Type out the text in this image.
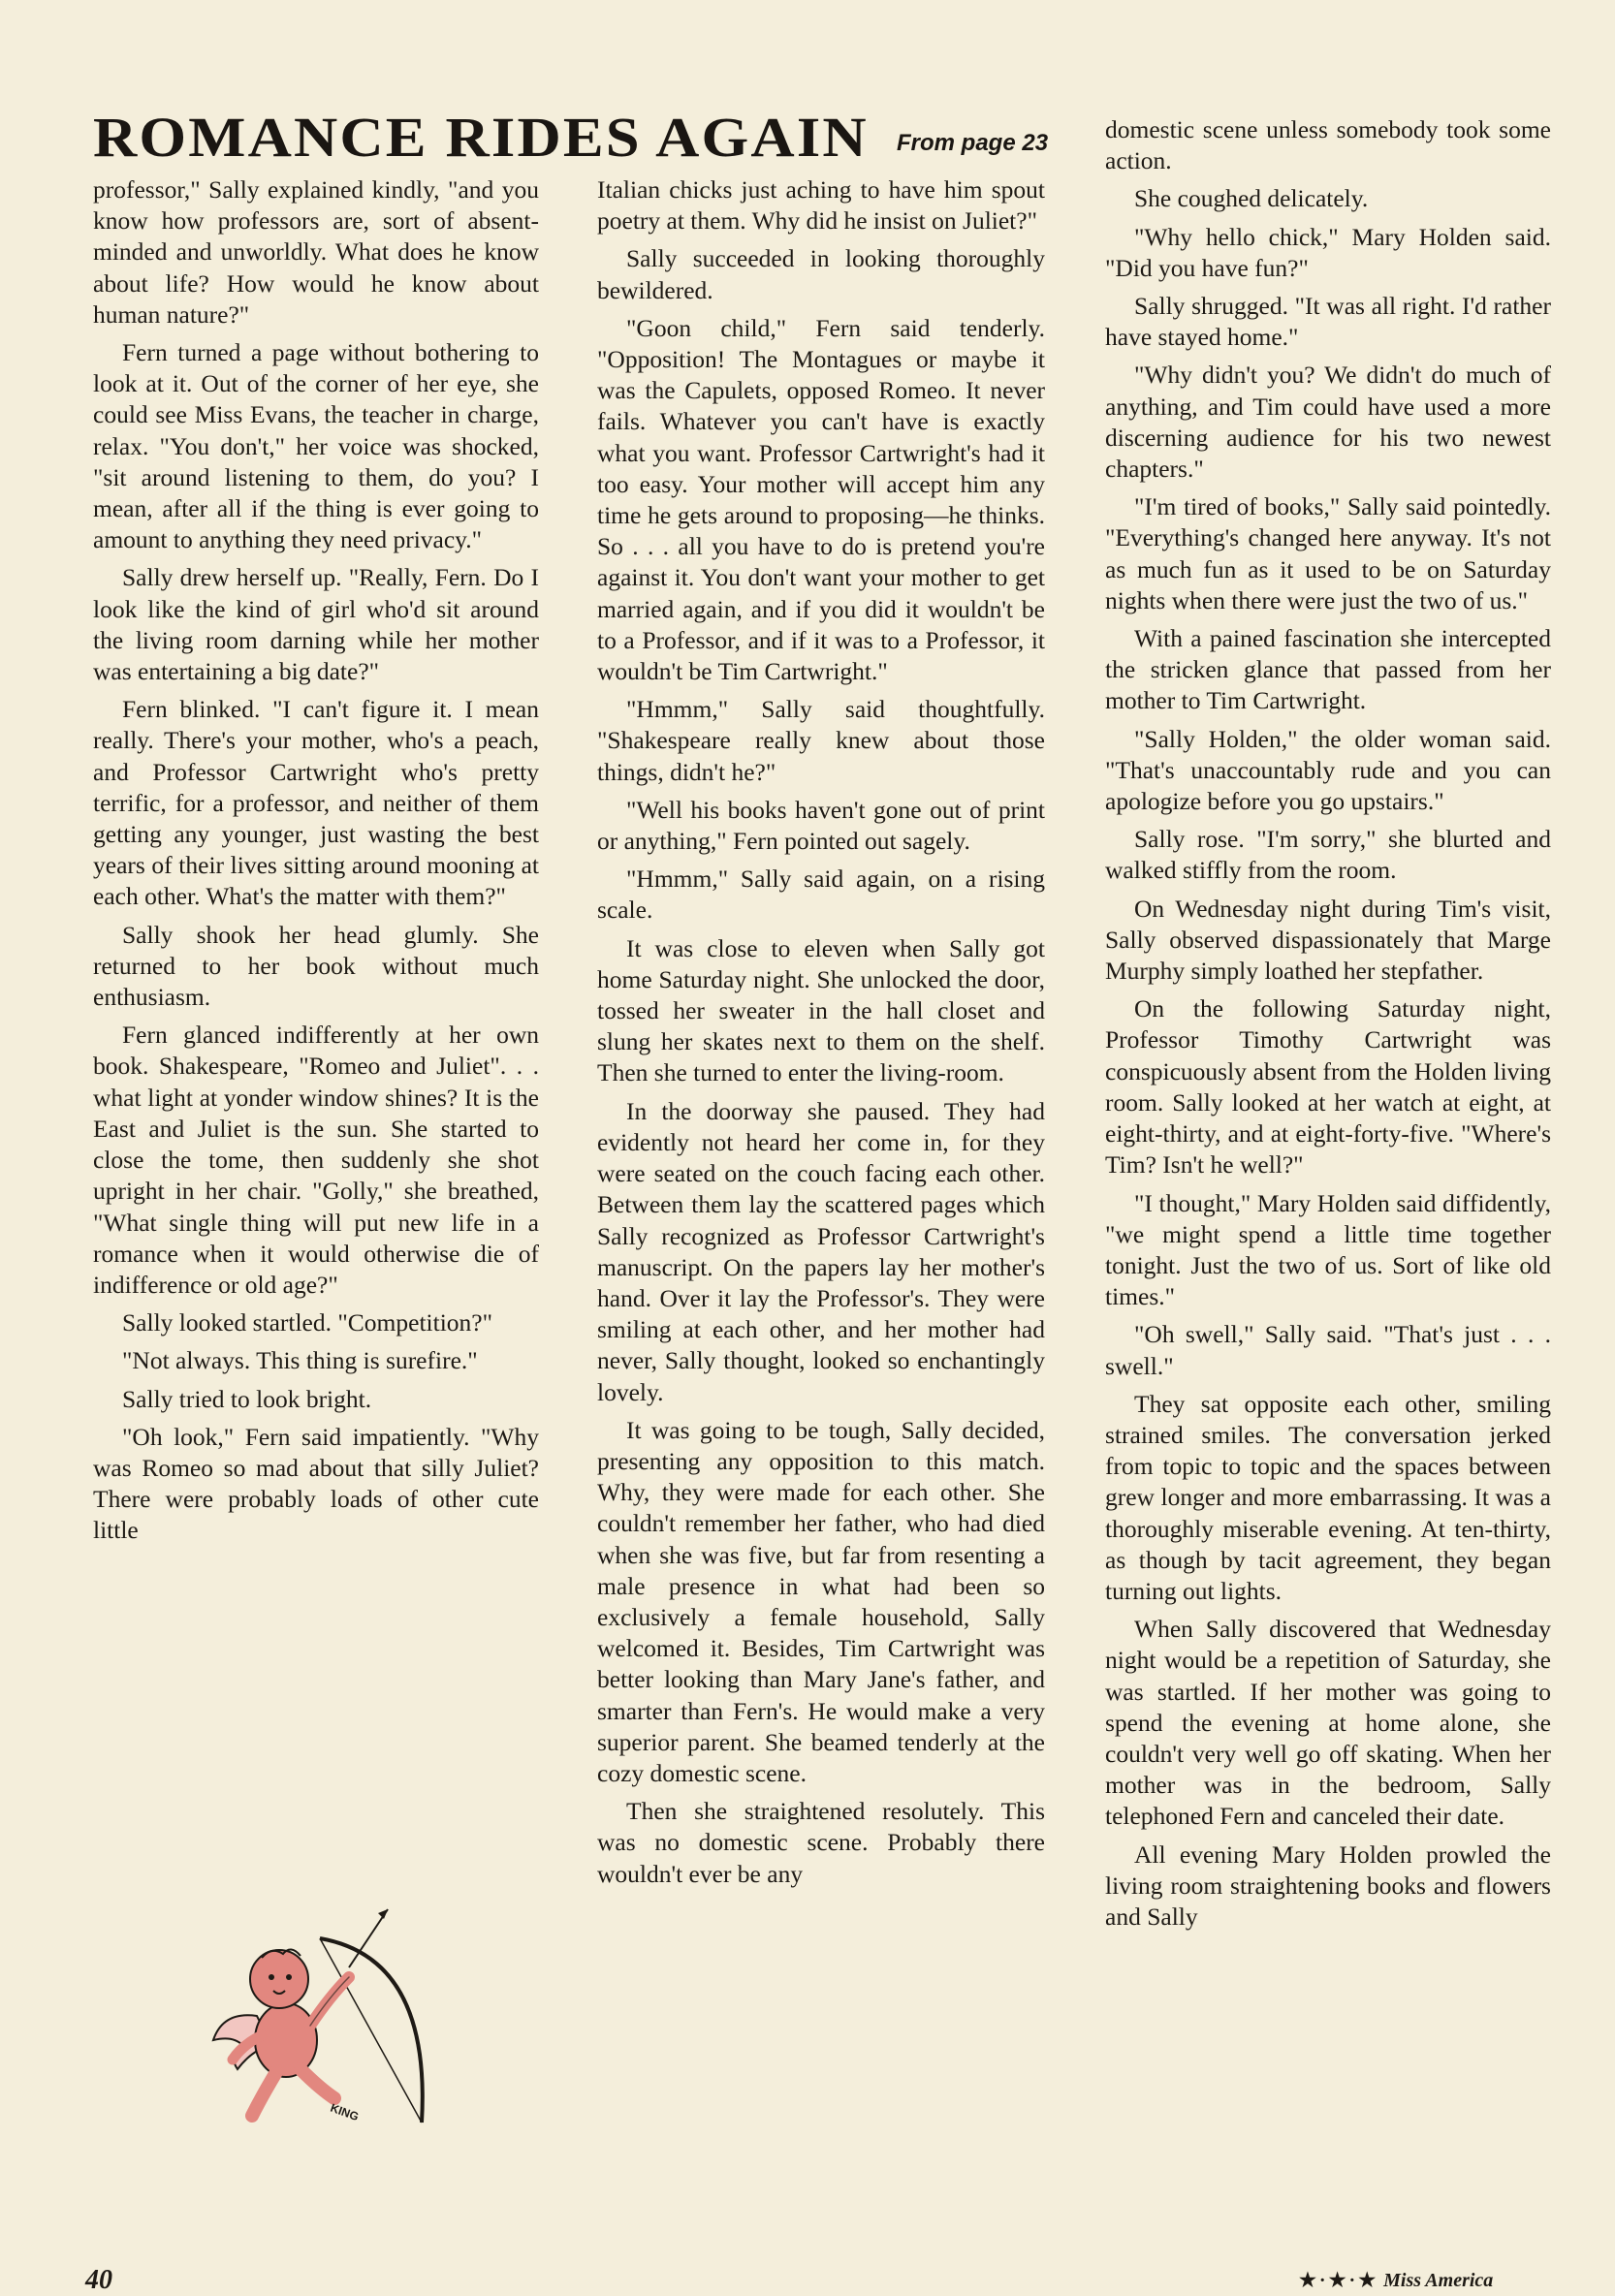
ROMANCE RIDES AGAIN From page 23

professor," Sally explained kindly, "and you know how professors are, sort of absent-minded and unworldly. What does he know about life? How would he know about human nature?"

Fern turned a page without bothering to look at it. Out of the corner of her eye, she could see Miss Evans, the teacher in charge, relax. "You don't," her voice was shocked, "sit around listening to them, do you? I mean, after all if the thing is ever going to amount to anything they need privacy."

Sally drew herself up. "Really, Fern. Do I look like the kind of girl who'd sit around the living room darning while her mother was entertaining a big date?"

Fern blinked. "I can't figure it. I mean really. There's your mother, who's a peach, and Professor Cartwright who's pretty terrific, for a professor, and neither of them getting any younger, just wasting the best years of their lives sitting around mooning at each other. What's the matter with them?"

Sally shook her head glumly. She returned to her book without much enthusiasm.

Fern glanced indifferently at her own book. Shakespeare, "Romeo and Juliet". . . what light at yonder window shines? It is the East and Juliet is the sun. She started to close the tome, then suddenly she shot upright in her chair. "Golly," she breathed, "What single thing will put new life in a romance when it would otherwise die of indifference or old age?"

Sally looked startled. "Competition?"

"Not always. This thing is surefire."

Sally tried to look bright.

"Oh look," Fern said impatiently. "Why was Romeo so mad about that silly Juliet? There were probably loads of other cute little

Italian chicks just aching to have him spout poetry at them. Why did he insist on Juliet?"

Sally succeeded in looking thoroughly bewildered.

"Goon child," Fern said tenderly. "Opposition! The Montagues or maybe it was the Capulets, opposed Romeo. It never fails. Whatever you can't have is exactly what you want. Professor Cartwright's had it too easy. Your mother will accept him any time he gets around to proposing—he thinks. So . . . all you have to do is pretend you're against it. You don't want your mother to get married again, and if you did it wouldn't be to a Professor, and if it was to a Professor, it wouldn't be Tim Cartwright."

"Hmmm," Sally said thoughtfully. "Shakespeare really knew about those things, didn't he?"

"Well his books haven't gone out of print or anything," Fern pointed out sagely.

"Hmmm," Sally said again, on a rising scale.

It was close to eleven when Sally got home Saturday night. She unlocked the door, tossed her sweater in the hall closet and slung her skates next to them on the shelf. Then she turned to enter the living-room.

In the doorway she paused. They had evidently not heard her come in, for they were seated on the couch facing each other. Between them lay the scattered pages which Sally recognized as Professor Cartwright's manuscript. On the papers lay her mother's hand. Over it lay the Professor's. They were smiling at each other, and her mother had never, Sally thought, looked so enchantingly lovely.

It was going to be tough, Sally decided, presenting any opposition to this match. Why, they were made for each other. She couldn't remember her father, who had died when she was five, but far from resenting a male presence in what had been so exclusively a female household, Sally welcomed it. Besides, Tim Cartwright was better looking than Mary Jane's father, and smarter than Fern's. He would make a very superior parent. She beamed tenderly at the cozy domestic scene.

Then she straightened resolutely. This was no domestic scene. Probably there wouldn't ever be any

domestic scene unless somebody took some action.

She coughed delicately.

"Why hello chick," Mary Holden said. "Did you have fun?"

Sally shrugged. "It was all right. I'd rather have stayed home."

"Why didn't you? We didn't do much of anything, and Tim could have used a more discerning audience for his two newest chapters."

"I'm tired of books," Sally said pointedly. "Everything's changed here anyway. It's not as much fun as it used to be on Saturday nights when there were just the two of us."

With a pained fascination she intercepted the stricken glance that passed from her mother to Tim Cartwright.

"Sally Holden," the older woman said. "That's unaccountably rude and you can apologize before you go upstairs."

Sally rose. "I'm sorry," she blurted and walked stiffly from the room.

On Wednesday night during Tim's visit, Sally observed dispassionately that Marge Murphy simply loathed her stepfather.

On the following Saturday night, Professor Timothy Cartwright was conspicuously absent from the Holden living room. Sally looked at her watch at eight, at eight-thirty, and at eight-forty-five. "Where's Tim? Isn't he well?"

"I thought," Mary Holden said diffidently, "we might spend a little time together tonight. Just the two of us. Sort of like old times."

"Oh swell," Sally said. "That's just . . . swell."

They sat opposite each other, smiling strained smiles. The conversation jerked from topic to topic and the spaces between grew longer and more embarrassing. It was a thoroughly miserable evening. At ten-thirty, as though by tacit agreement, they began turning out lights.

When Sally discovered that Wednesday night would be a repetition of Saturday, she was startled. If her mother was going to spend the evening at home alone, she couldn't very well go off skating. When her mother was in the bedroom, Sally telephoned Fern and canceled their date.

All evening Mary Holden prowled the living room straightening books and flowers and Sally

KING
40	★·★·★ Miss America
